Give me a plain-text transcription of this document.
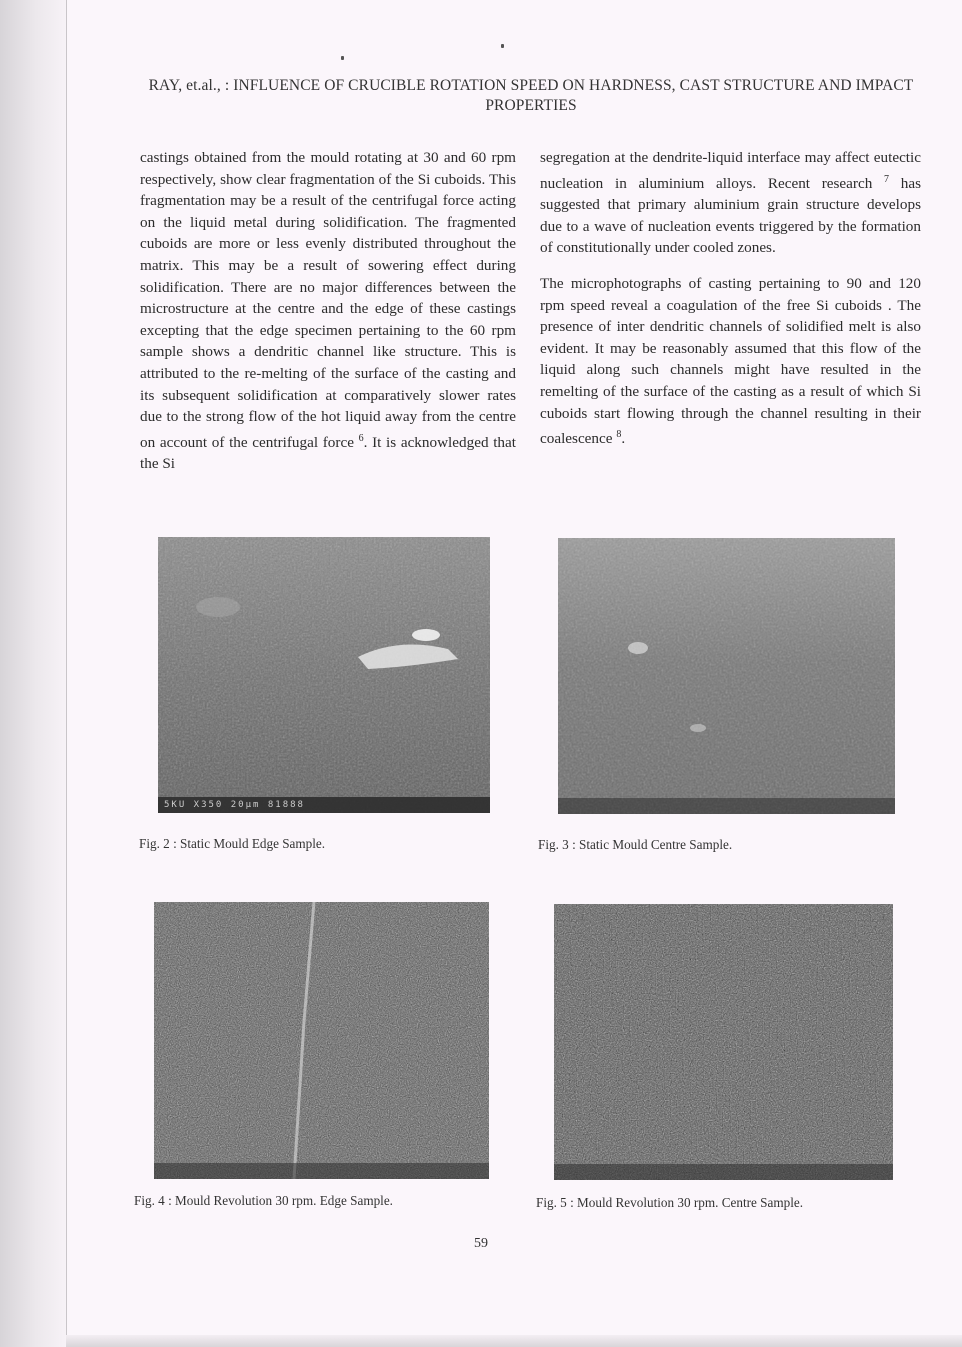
RAY, et.al., : INFLUENCE OF CRUCIBLE ROTATION SPEED ON HARDNESS, CAST STRUCTURE AND IMPACT PROPERTIES

castings obtained from the mould rotating at 30 and 60 rpm respectively, show clear fragmentation of the Si cuboids. This fragmentation may be a result of the centrifugal force acting on the liquid metal during solidification. The fragmented cuboids are more or less evenly distributed throughout the matrix. This may be a result of sowering effect during solidification. There are no major differences between the microstructure at the centre and the edge of these castings excepting that the edge specimen pertaining to the 60 rpm sample shows a dendritic channel like structure. This is attributed to the re-melting of the surface of the casting and its subsequent solidification at comparatively slower rates due to the strong flow of the hot liquid away from the centre on account of the centrifugal force $^6$. It is acknowledged that the Si

segregation at the dendrite-liquid interface may affect eutectic nucleation in aluminium alloys. Recent research $^7$ has suggested that primary aluminium grain structure develops due to a wave of nucleation events triggered by the formation of constitutionally under cooled zones.

The microphotographs of casting pertaining to 90 and 120 rpm speed reveal a coagulation of the free Si cuboids . The presence of inter dendritic channels of solidified melt is also evident. It may be reasonably assumed that this flow of the liquid along such channels might have resulted in the remelting of the surface of the casting as a result of which Si cuboids start flowing through the channel resulting in their coalescence $^8$.

5KU X350 20μm 81888
Fig. 2 : Static Mould Edge Sample.	Fig. 3 : Static Mould Centre Sample.
Fig. 4 : Mould Revolution 30 rpm. Edge Sample.	Fig. 5 : Mould Revolution 30 rpm. Centre Sample.
59
